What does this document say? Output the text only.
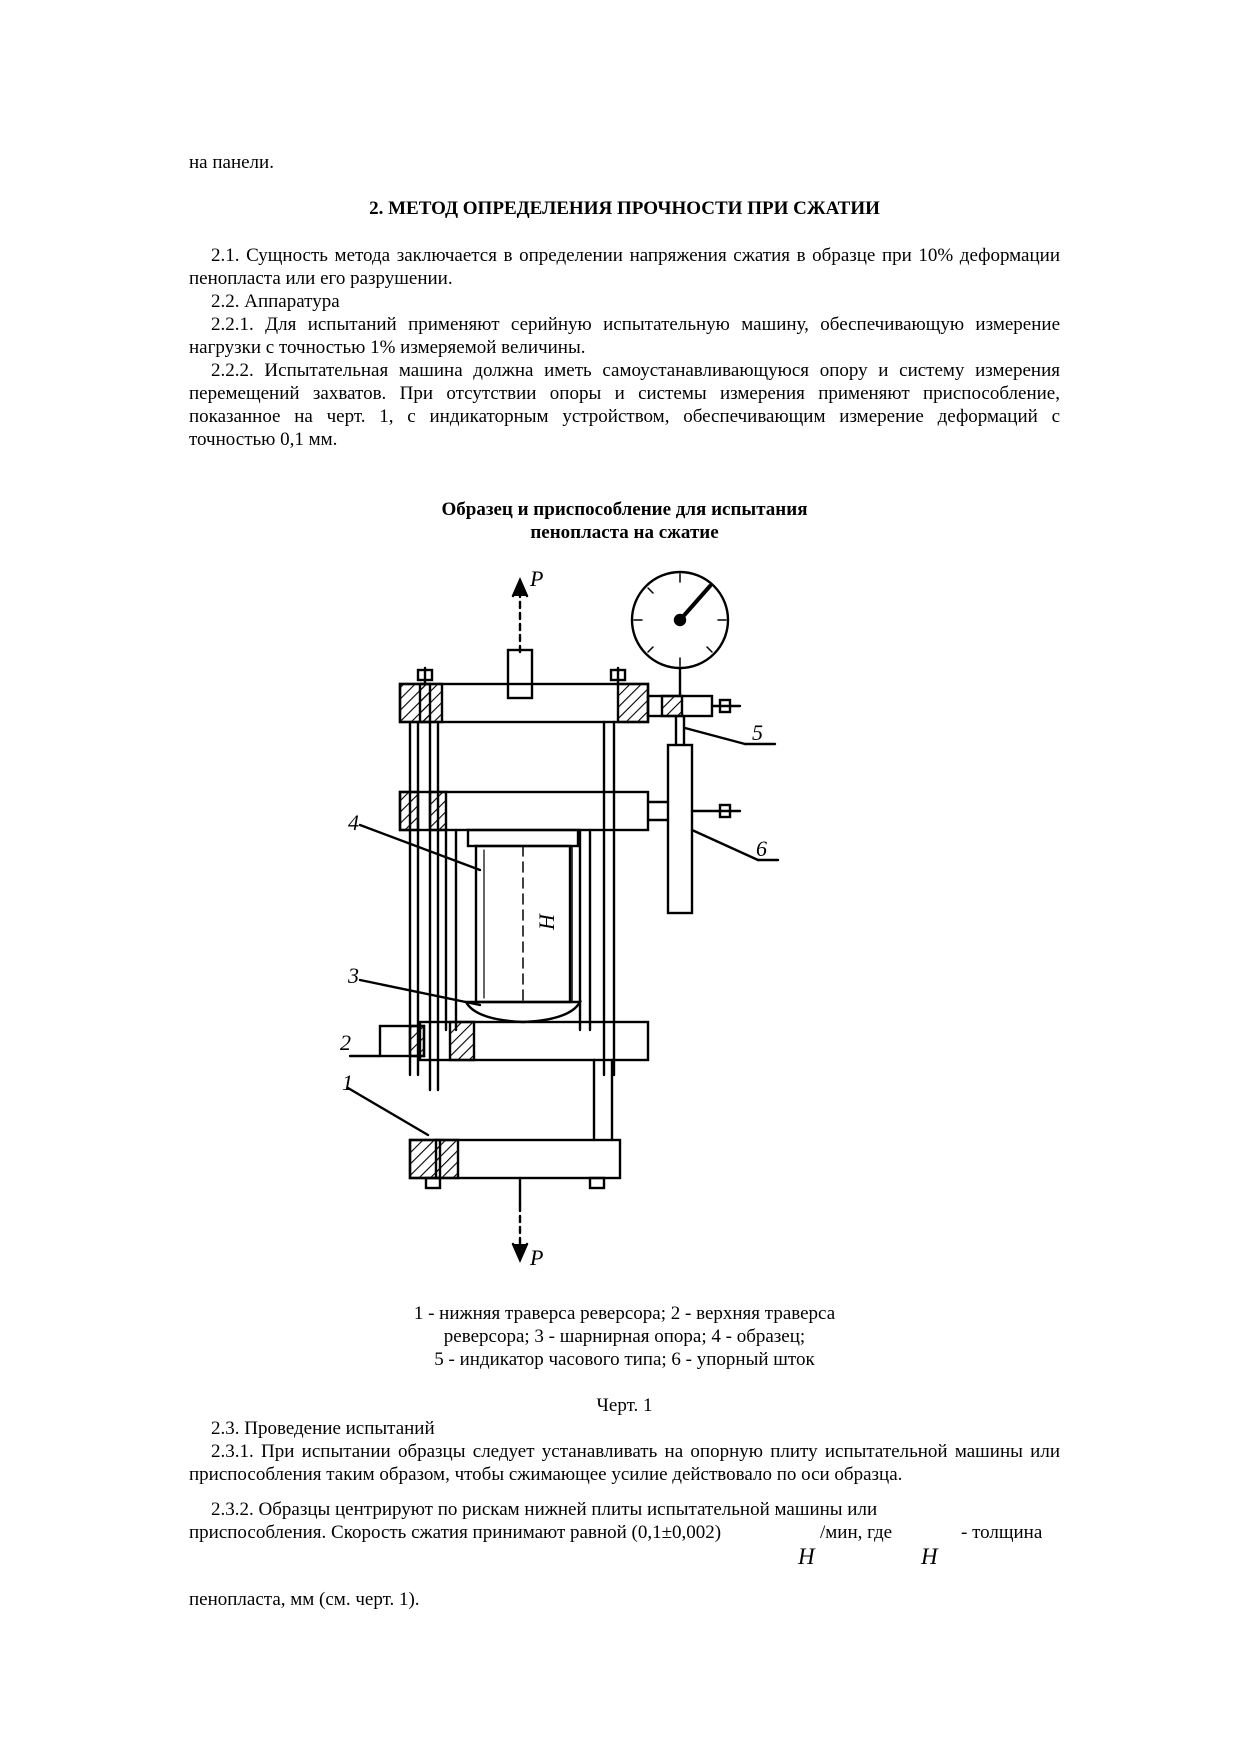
на панели.

2. МЕТОД ОПРЕДЕЛЕНИЯ ПРОЧНОСТИ ПРИ СЖАТИИ

2.1. Сущность метода заключается в определении напряжения сжатия в образце при 10% деформации пенопласта или его разрушении.

2.2. Аппаратура

2.2.1. Для испытаний применяют серийную испытательную машину, обеспечивающую измерение нагрузки с точностью 1% измеряемой величины.

2.2.2. Испытательная машина должна иметь самоустанавливающуюся опору и систему измерения перемещений захватов. При отсутствии опоры и системы измерения применяют приспособление, показанное на черт. 1, с индикаторным устройством, обеспечивающим измерение деформаций с точностью 0,1 мм.

Образец и приспособление для испытания
пенопласта на сжатие
P
P
H
4
3
2
1
5
6
1 - нижняя траверса реверсора; 2 - верхняя траверса
реверсора; 3 - шарнирная опора; 4 - образец;
5 - индикатор часового типа; 6 - упорный шток
Черт. 1

2.3. Проведение испытаний

2.3.1. При испытании образцы следует устанавливать на опорную плиту испытательной машины или приспособления таким образом, чтобы сжимающее усилие действовало по оси образца.

2.3.2. Образцы центрируют по рискам нижней плиты испытательной машины или

приспособления. Скорость сжатия принимают равной (0,1±0,002)
H
/мин, где
H
- толщина

пенопласта, мм (см. черт. 1).
